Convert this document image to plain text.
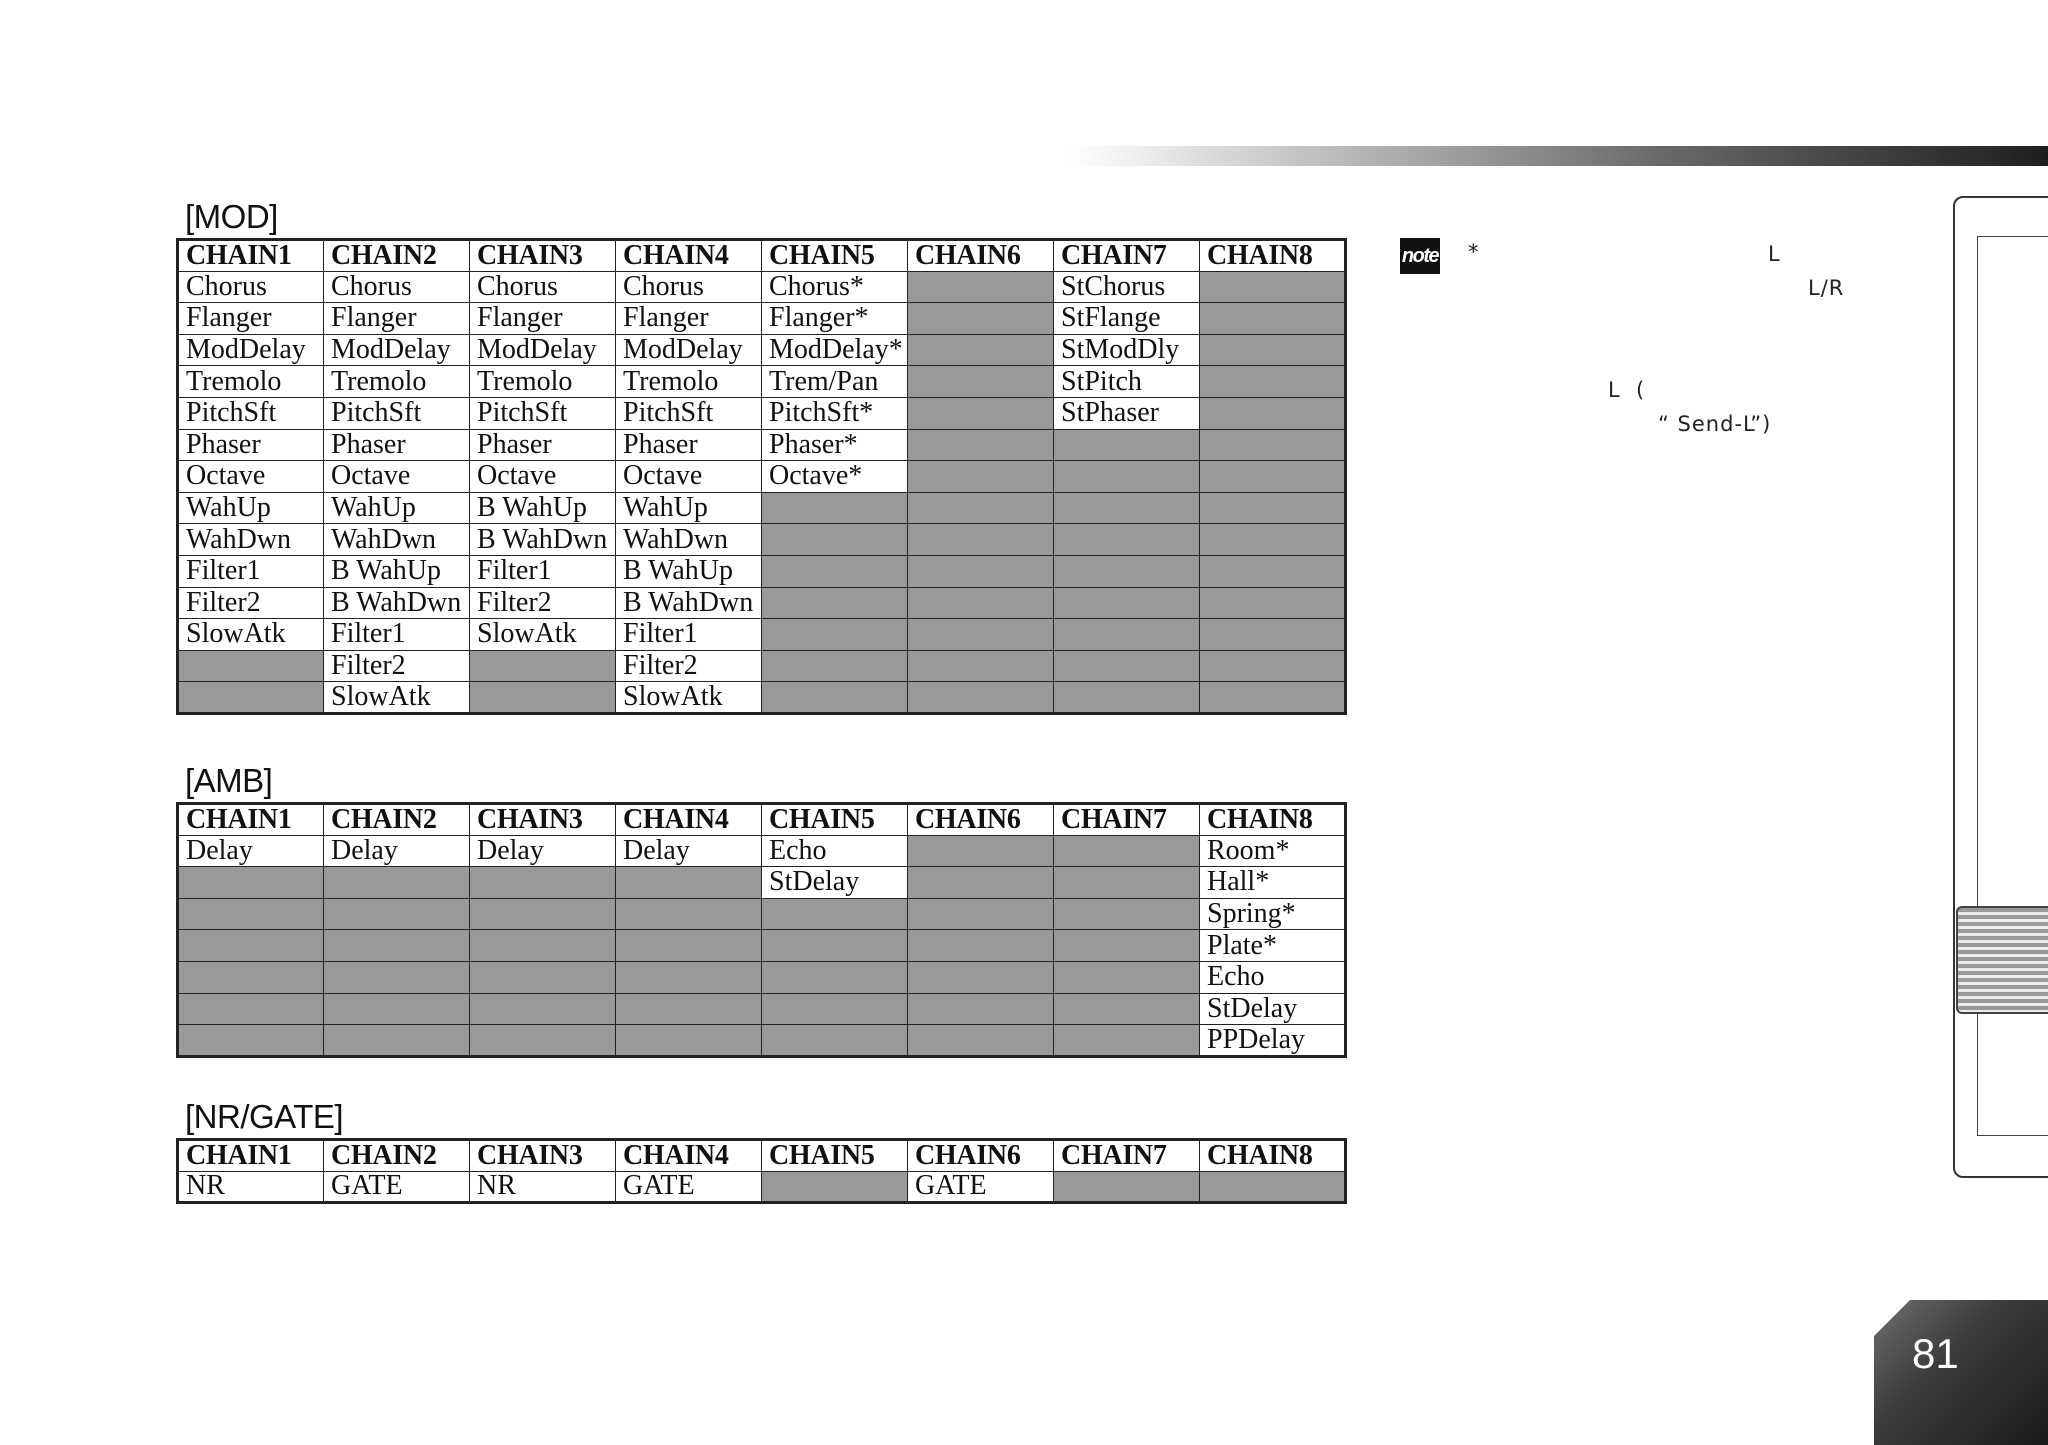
[MOD]
CHAIN1	CHAIN2	CHAIN3	CHAIN4	CHAIN5	CHAIN6	CHAIN7	CHAIN8
Chorus	Chorus	Chorus	Chorus	Chorus*		StChorus	
Flanger	Flanger	Flanger	Flanger	Flanger*		StFlange	
ModDelay	ModDelay	ModDelay	ModDelay	ModDelay*		StModDly	
Tremolo	Tremolo	Tremolo	Tremolo	Trem/Pan		StPitch	
PitchSft	PitchSft	PitchSft	PitchSft	PitchSft*		StPhaser	
Phaser	Phaser	Phaser	Phaser	Phaser*			
Octave	Octave	Octave	Octave	Octave*			
WahUp	WahUp	B WahUp	WahUp				
WahDwn	WahDwn	B WahDwn	WahDwn				
Filter1	B WahUp	Filter1	B WahUp				
Filter2	B WahDwn	Filter2	B WahDwn				
SlowAtk	Filter1	SlowAtk	Filter1				
	Filter2		Filter2				
	SlowAtk		SlowAtk				
[AMB]
CHAIN1	CHAIN2	CHAIN3	CHAIN4	CHAIN5	CHAIN6	CHAIN7	CHAIN8
Delay	Delay	Delay	Delay	Echo			Room*
				StDelay			Hall*
							Spring*
							Plate*
							Echo
							StDelay
							PPDelay
[NR/GATE]
CHAIN1	CHAIN2	CHAIN3	CHAIN4	CHAIN5	CHAIN6	CHAIN7	CHAIN8
NR	GATE	NR	GATE		GATE		
note *	L
L/R
L  (
“ Send-L”)
81
